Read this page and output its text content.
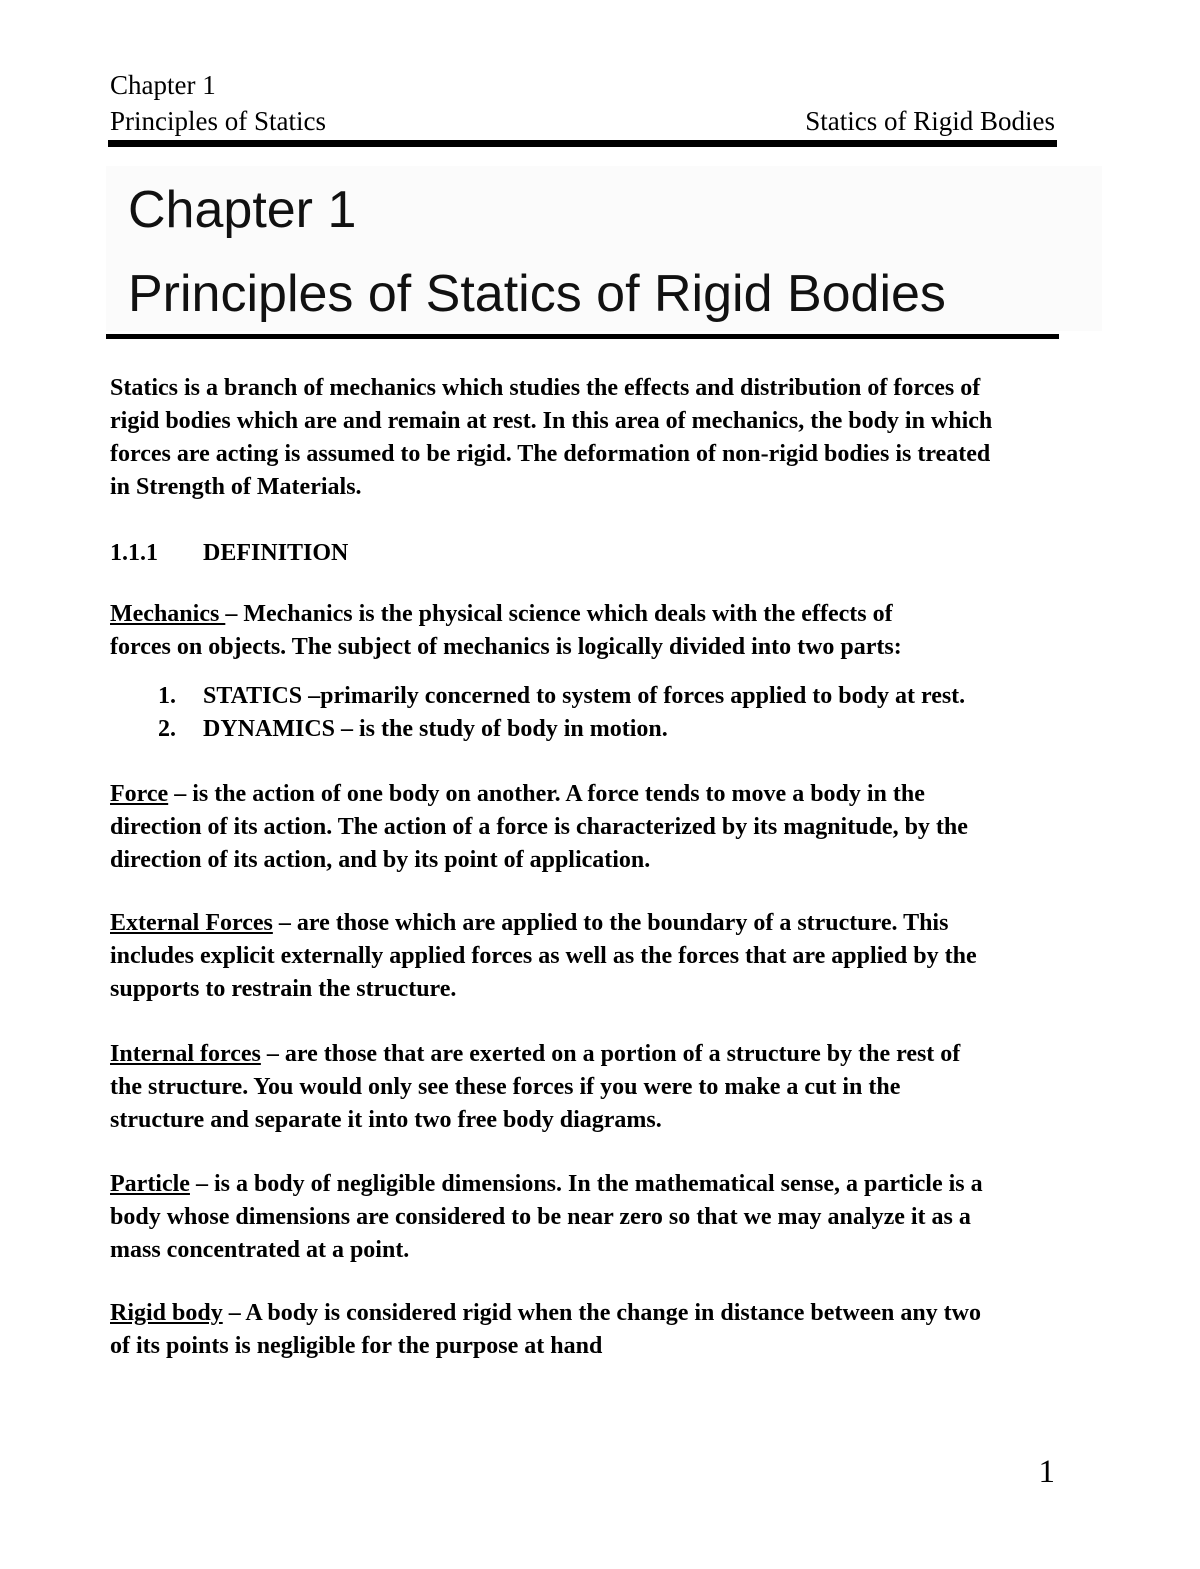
Chapter 1
Principles of Statics	Statics of Rigid Bodies
Chapter 1
Principles of Statics of Rigid Bodies
Statics is a branch of mechanics which studies the effects and distribution of forces of
rigid bodies which are and remain at rest. In this area of mechanics, the body in which
forces are acting is assumed to be rigid. The deformation of non-rigid bodies is treated
in Strength of Materials.
1.1.1 DEFINITION
Mechanics – Mechanics is the physical science which deals with the effects of
forces on objects. The subject of mechanics is logically divided into two parts:
1. STATICS –primarily concerned to system of forces applied to body at rest.
2. DYNAMICS – is the study of body in motion.
Force – is the action of one body on another. A force tends to move a body in the
direction of its action. The action of a force is characterized by its magnitude, by the
direction of its action, and by its point of application.
External Forces – are those which are applied to the boundary of a structure. This
includes explicit externally applied forces as well as the forces that are applied by the
supports to restrain the structure.
Internal forces – are those that are exerted on a portion of a structure by the rest of
the structure. You would only see these forces if you were to make a cut in the
structure and separate it into two free body diagrams.
Particle – is a body of negligible dimensions. In the mathematical sense, a particle is a
body whose dimensions are considered to be near zero so that we may analyze it as a
mass concentrated at a point.
Rigid body – A body is considered rigid when the change in distance between any two
of its points is negligible for the purpose at hand
1
